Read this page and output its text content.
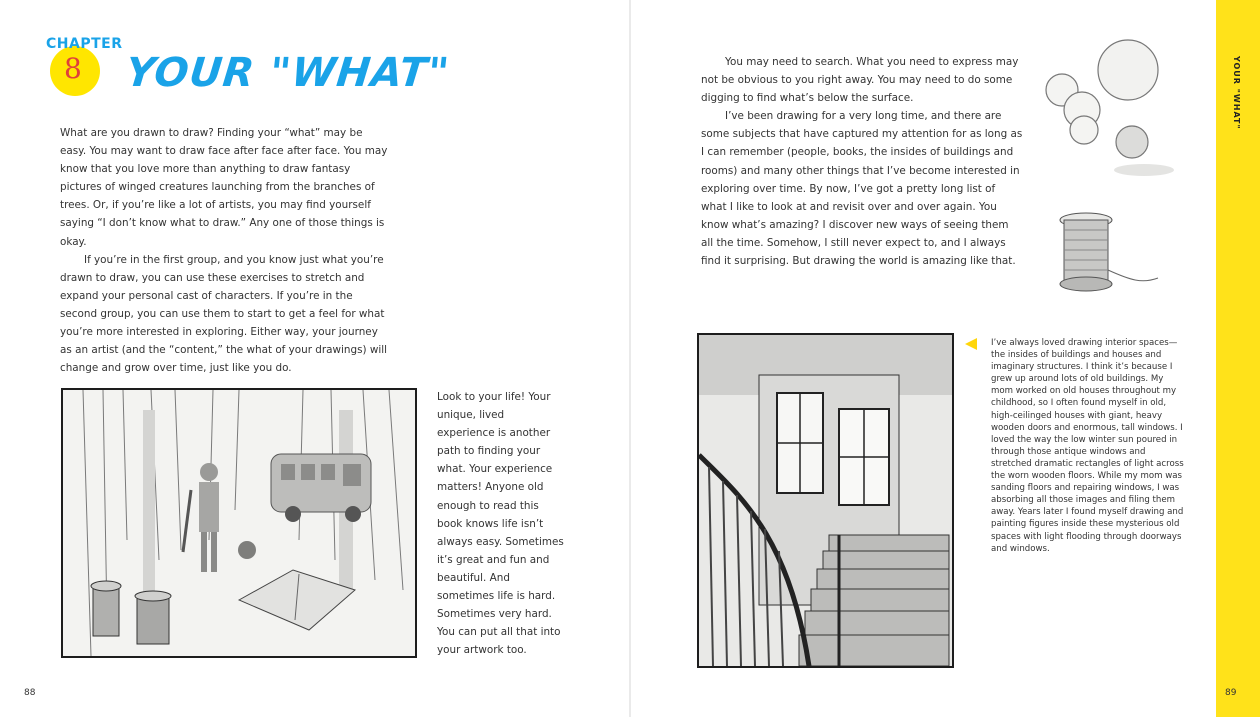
CHAPTER
8 YOUR "WHAT"

What are you drawn to draw? Finding your “what” may be easy. You may want to draw face after face after face. You may know that you love more than anything to draw fantasy pictures of winged creatures launching from the branches of trees. Or, if you’re like a lot of artists, you may find yourself saying “I don’t know what to draw.” Any one of those things is okay.

If you’re in the first group, and you know just what you’re drawn to draw, you can use these exercises to stretch and expand your personal cast of characters. If you’re in the second group, you can use them to start to get a feel for what you’re more interested in exploring. Either way, your journey as an artist (and the “content,” the what of your drawings) will change and grow over time, just like you do.

Look to your life! Your unique, lived experience is another path to finding your what. Your experience matters! Anyone old enough to read this book knows life isn’t always easy. Sometimes it’s great and fun and beautiful. And sometimes life is hard. Sometimes very hard. You can put all that into your artwork too.
88

You may need to search. What you need to express may not be obvious to you right away. You may need to do some digging to find what’s below the surface.

I’ve been drawing for a very long time, and there are some subjects that have captured my attention for as long as I can remember (people, books, the insides of buildings and rooms) and many other things that I’ve become interested in exploring over time. By now, I’ve got a pretty long list of what I like to look at and revisit over and over again. You know what’s amazing? I discover new ways of seeing them all the time. Somehow, I still never expect to, and I always find it surprising. But drawing the world is amazing like that.

I’ve always loved drawing interior spaces—the insides of buildings and houses and imaginary structures. I think it’s because I grew up around lots of old buildings. My mom worked on old houses throughout my childhood, so I often found myself in old, high-ceilinged houses with giant, heavy wooden doors and enormous, tall windows. I loved the way the low winter sun poured in through those antique windows and stretched dramatic rectangles of light across the worn wooden floors. While my mom was sanding floors and repairing windows, I was absorbing all those images and filing them away. Years later I found myself drawing and painting figures inside these mysterious old spaces with light flooding through doorways and windows.
YOUR "WHAT"
89
